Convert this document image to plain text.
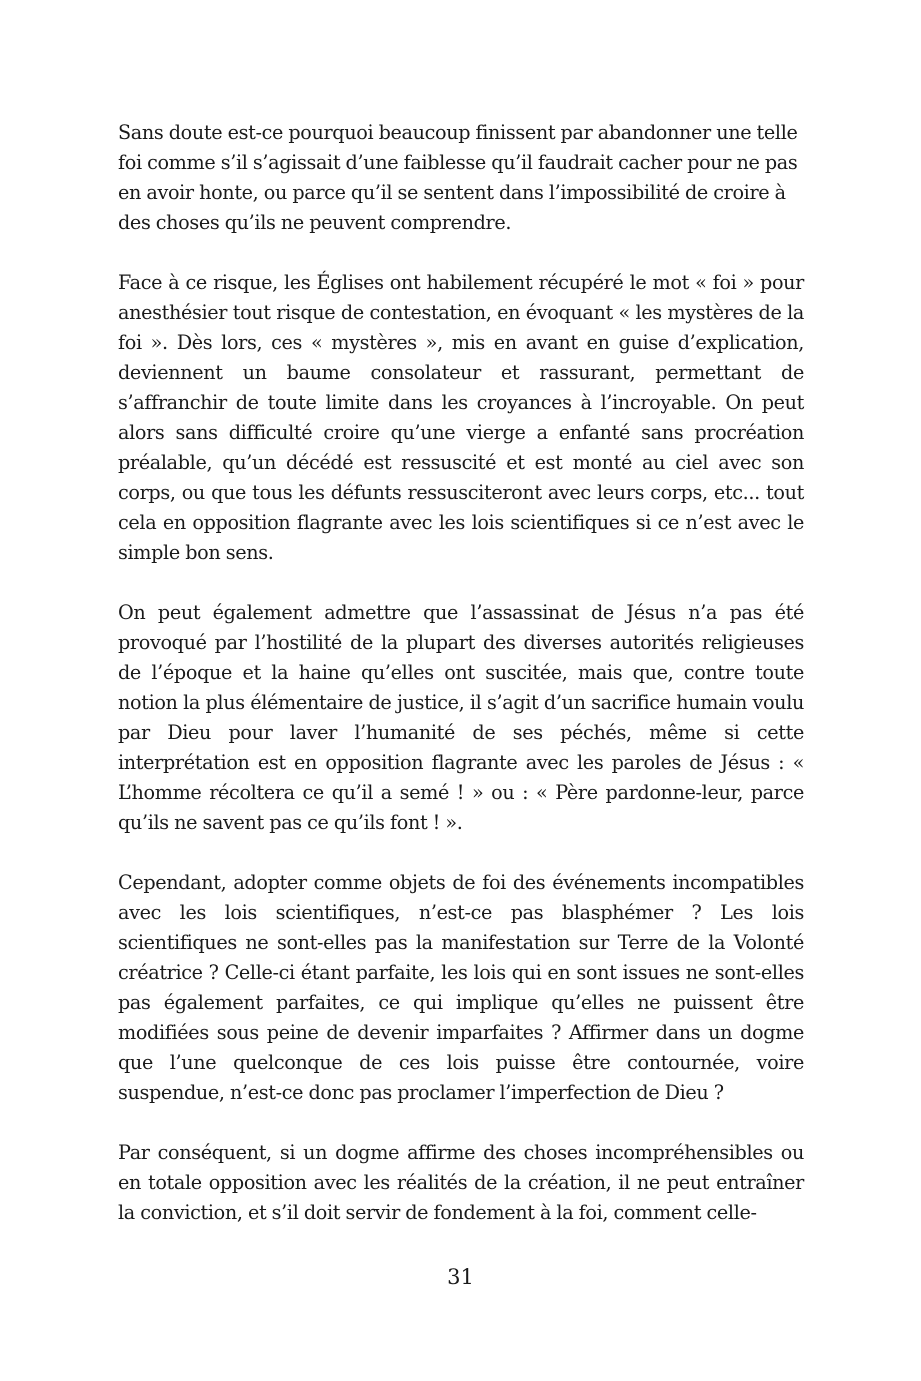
Sans doute est-ce pourquoi beaucoup finissent par abandonner une telle foi comme s’il s’agissait d’une faiblesse qu’il faudrait cacher pour ne pas en avoir honte, ou parce qu’il se sentent dans l’impossibilité de croire à des choses qu’ils ne peuvent comprendre.

Face à ce risque, les Églises ont habilement récupéré le mot « foi » pour anesthésier tout risque de contestation, en évoquant « les mystères de la foi ». Dès lors, ces « mystères », mis en avant en guise d’explication, deviennent un baume consolateur et rassurant, permettant de s’affranchir de toute limite dans les croyances à l’incroyable. On peut alors sans difficulté croire qu’une vierge a enfanté sans procréation préalable, qu’un décédé est ressuscité et est monté au ciel avec son corps, ou que tous les défunts ressusciteront avec leurs corps, etc... tout cela en opposition flagrante avec les lois scientifiques si ce n’est avec le simple bon sens.

On peut également admettre que l’assassinat de Jésus n’a pas été provoqué par l’hostilité de la plupart des diverses autorités religieuses de l’époque et la haine qu’elles ont suscitée, mais que, contre toute notion la plus élémentaire de justice, il s’agit d’un sacrifice humain voulu par Dieu pour laver l’humanité de ses péchés, même si cette interprétation est en opposition flagrante avec les paroles de Jésus : « L’homme récoltera ce qu’il a semé ! » ou : « Père pardonne-leur, parce qu’ils ne savent pas ce qu’ils font ! ».

Cependant, adopter comme objets de foi des événements incompatibles avec les lois scientifiques, n’est-ce pas blasphémer ? Les lois scientifiques ne sont-elles pas la manifestation sur Terre de la Volonté créatrice ? Celle-ci étant parfaite, les lois qui en sont issues ne sont-elles pas également parfaites, ce qui implique qu’elles ne puissent être modifiées sous peine de devenir imparfaites ? Affirmer dans un dogme que l’une quelconque de ces lois puisse être contournée, voire suspendue, n’est-ce donc pas proclamer l’imperfection de Dieu ?

Par conséquent, si un dogme affirme des choses incompréhensibles ou en totale opposition avec les réalités de la création, il ne peut entraîner la conviction, et s’il doit servir de fondement à la foi, comment celle-

31
